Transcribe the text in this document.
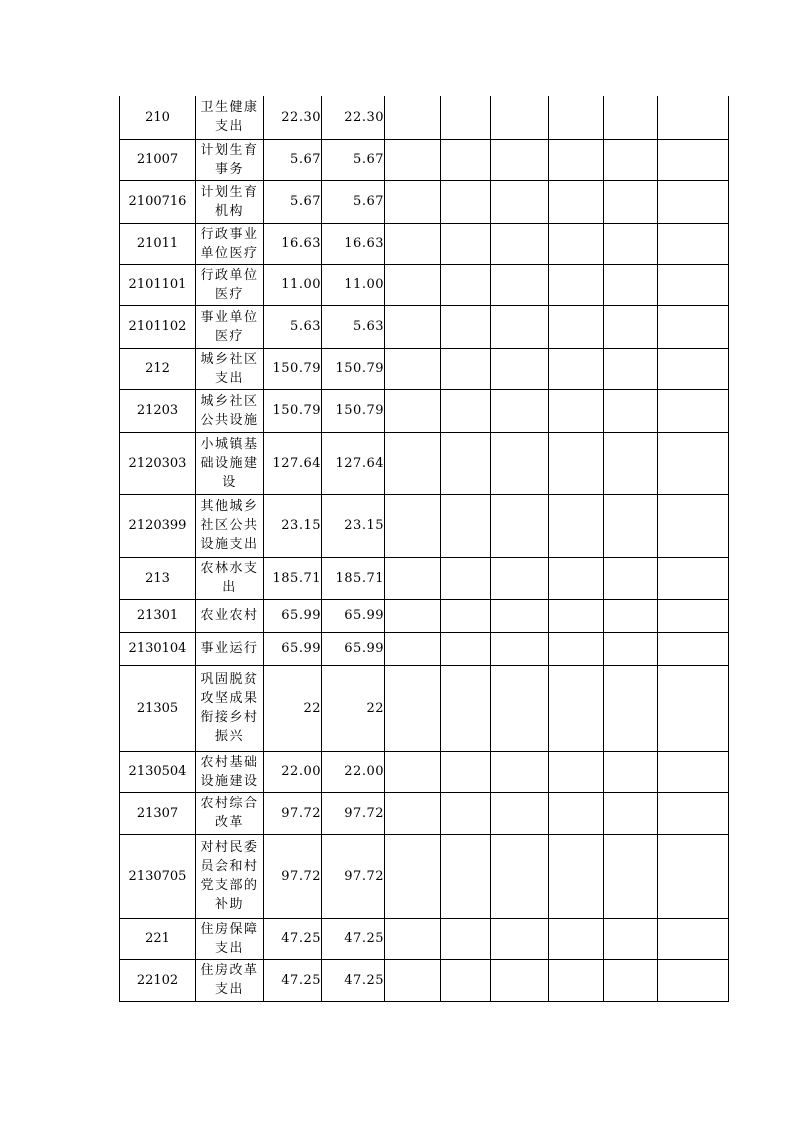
210	卫生健康支出	22.30	22.30						
21007	计划生育事务	5.67	5.67						
2100716	计划生育机构	5.67	5.67						
21011	行政事业单位医疗	16.63	16.63						
2101101	行政单位医疗	11.00	11.00						
2101102	事业单位医疗	5.63	5.63						
212	城乡社区支出	150.79	150.79						
21203	城乡社区公共设施	150.79	150.79						
2120303	小城镇基础设施建设	127.64	127.64						
2120399	其他城乡社区公共设施支出	23.15	23.15						
213	农林水支出	185.71	185.71						
21301	农业农村	65.99	65.99						
2130104	事业运行	65.99	65.99						
21305	巩固脱贫攻坚成果衔接乡村振兴	22	22						
2130504	农村基础设施建设	22.00	22.00						
21307	农村综合改革	97.72	97.72						
2130705	对村民委员会和村党支部的补助	97.72	97.72						
221	住房保障支出	47.25	47.25						
22102	住房改革支出	47.25	47.25						
